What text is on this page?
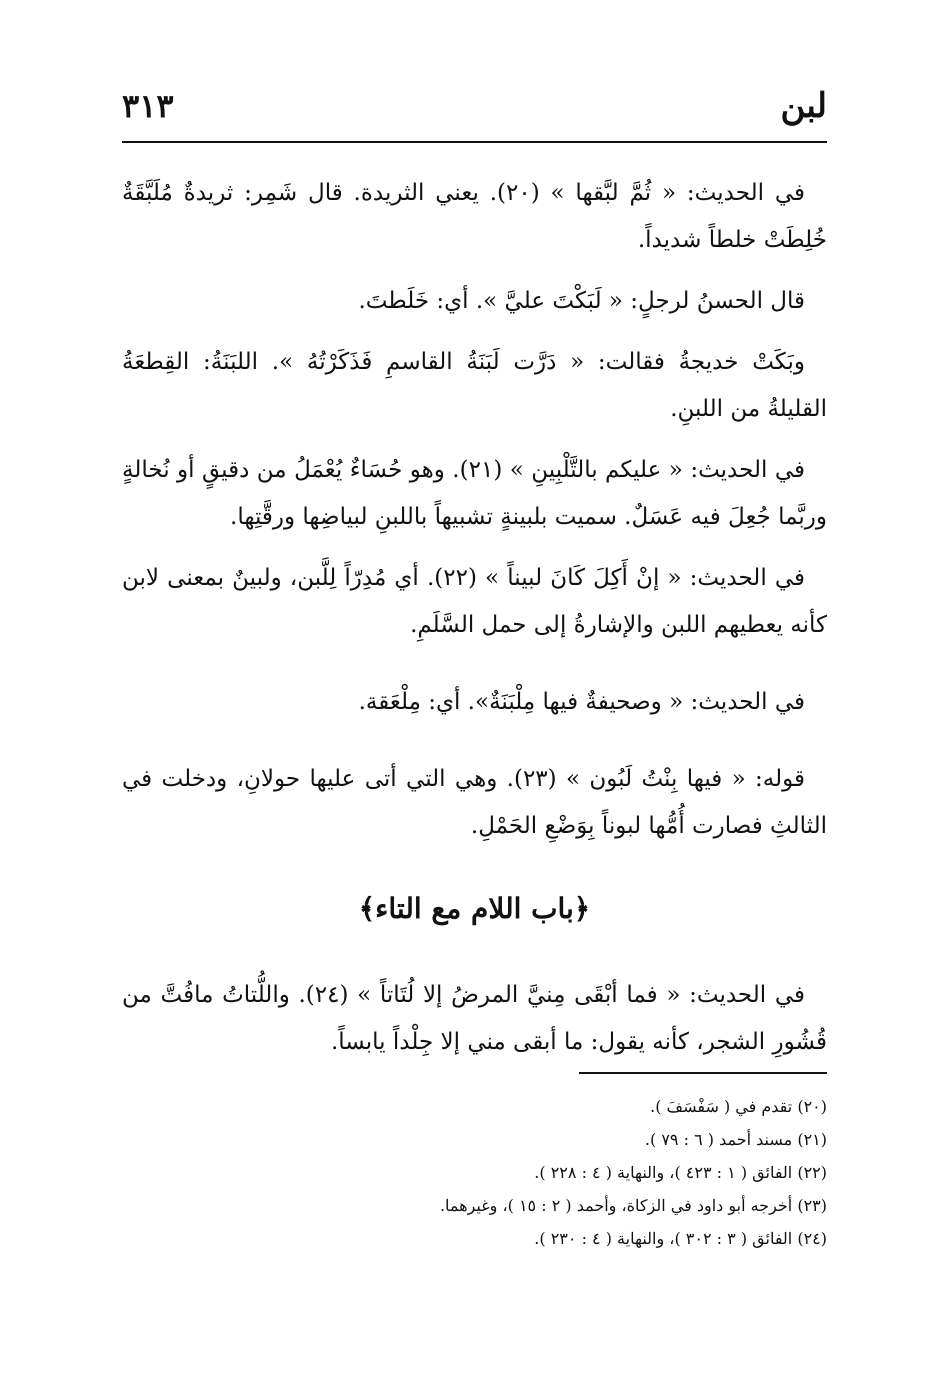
لبن
٣١٣

في الحديث: « ثُمَّ لبَّقها » (٢٠). يعني الثريدة. قال شَمِر: ثريدةٌ مُلَبَّقَةٌ خُلِطَتْ خلطاً شديداً.

قال الحسنُ لرجلٍ: « لَبَكْتَ عليَّ ». أي: خَلَطتَ.

وبَكَتْ خديجةُ فقالت: « دَرَّت لَبَنَةُ القاسمِ فَذَكَرْتُهُ ». اللبَنَةُ: القِطعَةُ القليلةُ من اللبنِ.

في الحديث: « عليكم بالتَّلْبِينِ » (٢١). وهو حُسَاءٌ يُعْمَلُ من دقيقٍ أو نُخالةٍ وربَّما جُعِلَ فيه عَسَلٌ. سميت بلبينةٍ تشبيهاً باللبنِ لبياضِها ورقَّتِها.

في الحديث: « إنْ أَكِلَ كَانَ لبيناً » (٢٢). أي مُدِرّاً لِلَّبن، ولبينٌ بمعنى لابن كأنه يعطيهم اللبن والإشارةُ إلى حمل السَّلَمِ.

في الحديث: « وصحيفةٌ فيها مِلْبَنَةٌ». أي: مِلْعَقة.

قوله: « فيها بِنْتُ لَبُون » (٢٣). وهي التي أتى عليها حولانِ، ودخلت في الثالثِ فصارت أُمُّها لبوناً بِوَضْعِ الحَمْلِ.

﴿باب اللام مع التاء﴾

في الحديث: « فما أبْقَى مِنيَّ المرضُ إلا لُتَاتاً » (٢٤). واللُّتاتُ مافُتَّ من قُشُورِ الشجر، كأنه يقول: ما أبقى مني إلا جِلْداً يابساً.

(٢٠) تقدم في ( سَفْسَفَ ).

(٢١) مسند أحمد ( ٦ : ٧٩ ).

(٢٢) الفائق ( ١ : ٤٢٣ )، والنهاية ( ٤ : ٢٢٨ ).

(٢٣) أخرجه أبو داود في الزكاة، وأحمد ( ٢ : ١٥ )، وغيرهما.

(٢٤) الفائق ( ٣ : ٣٠٢ )، والنهاية ( ٤ : ٢٣٠ ).
